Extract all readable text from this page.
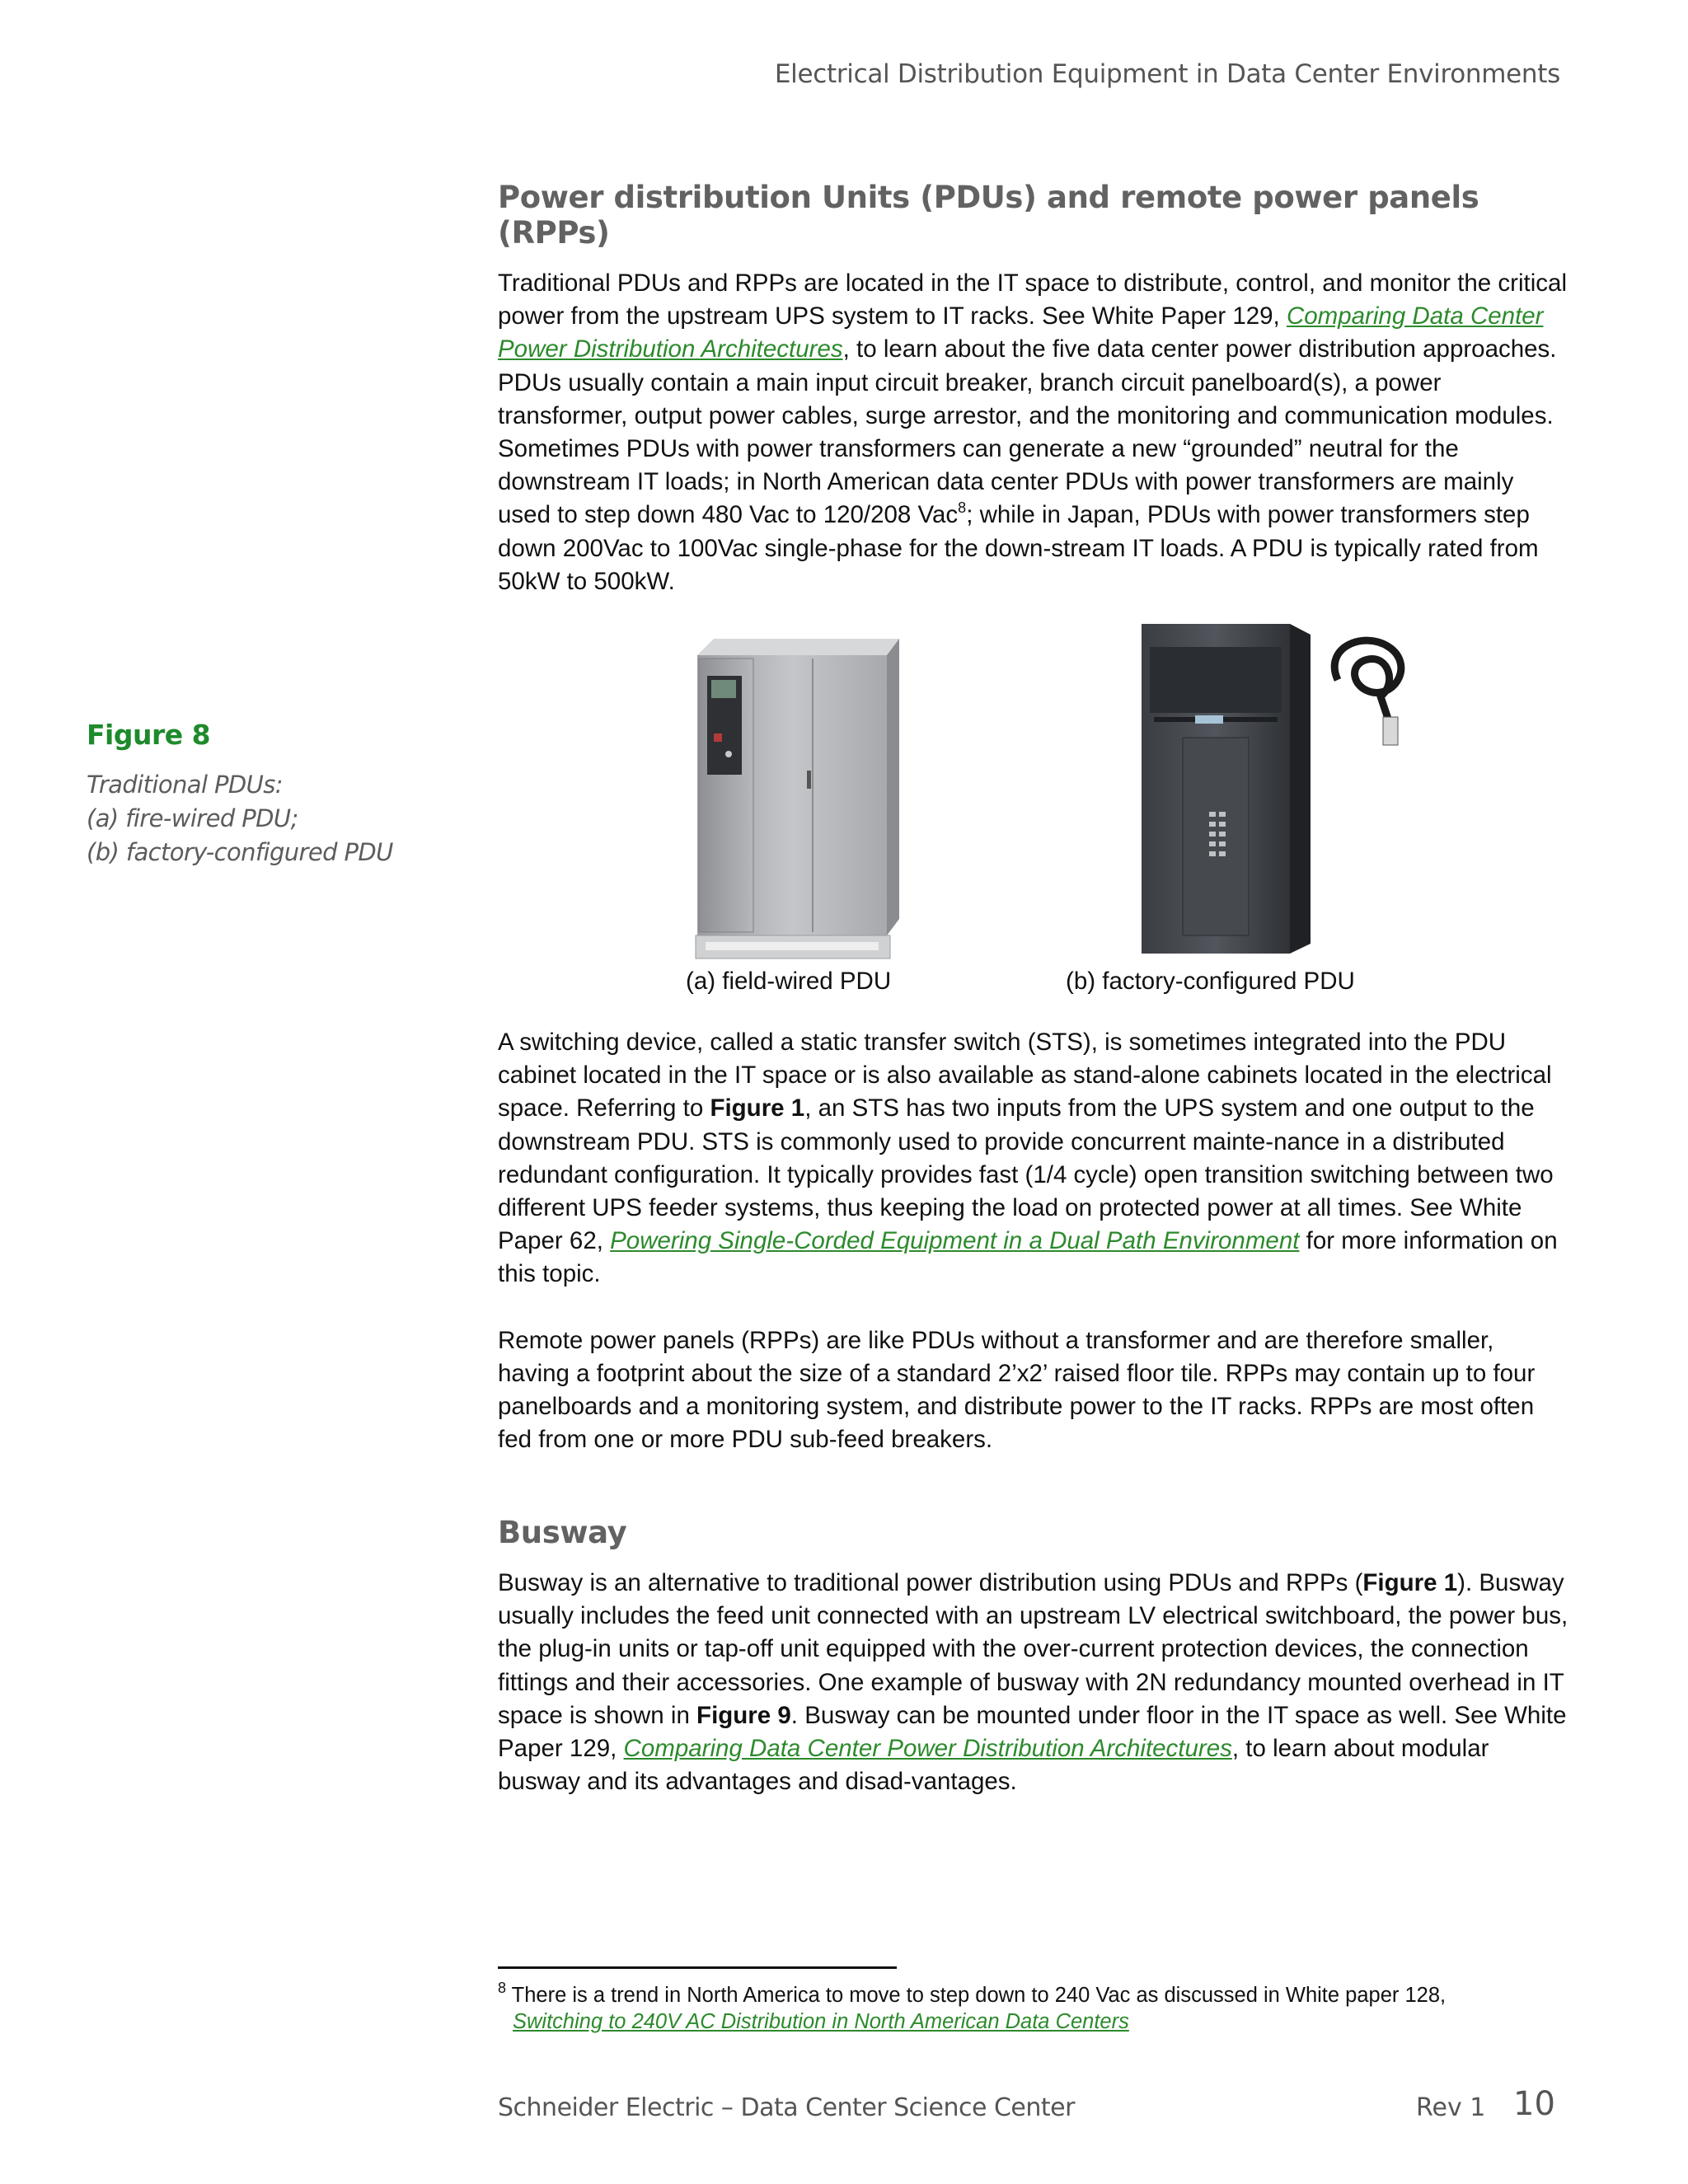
Electrical Distribution Equipment in Data Center Environments
Power distribution Units (PDUs) and remote power panels (RPPs)

Traditional PDUs and RPPs are located in the IT space to distribute, control, and monitor the critical power from the upstream UPS system to IT racks. See White Paper 129, Comparing Data Center Power Distribution Architectures, to learn about the five data center power distribution approaches. PDUs usually contain a main input circuit breaker, branch circuit panelboard(s), a power transformer, output power cables, surge arrestor, and the monitoring and communication modules. Sometimes PDUs with power transformers can generate a new “grounded” neutral for the downstream IT loads; in North American data center PDUs with power transformers are mainly used to step down 480 Vac to 120/208 Vac$^8$; while in Japan, PDUs with power transformers step down 200Vac to 100Vac single-phase for the down-stream IT loads. A PDU is typically rated from 50kW to 500kW.

Figure 8
Traditional PDUs:
(a) fire-wired PDU;
(b) factory-configured PDU
(a) field-wired PDU	(b) factory-configured PDU

A switching device, called a static transfer switch (STS), is sometimes integrated into the PDU cabinet located in the IT space or is also available as stand-alone cabinets located in the electrical space. Referring to Figure 1, an STS has two inputs from the UPS system and one output to the downstream PDU. STS is commonly used to provide concurrent mainte-nance in a distributed redundant configuration. It typically provides fast (1/4 cycle) open transition switching between two different UPS feeder systems, thus keeping the load on protected power at all times. See White Paper 62, Powering Single-Corded Equipment in a Dual Path Environment for more information on this topic.

Remote power panels (RPPs) are like PDUs without a transformer and are therefore smaller, having a footprint about the size of a standard 2’x2’ raised floor tile. RPPs may contain up to four panelboards and a monitoring system, and distribute power to the IT racks. RPPs are most often fed from one or more PDU sub-feed breakers.

Busway

Busway is an alternative to traditional power distribution using PDUs and RPPs (Figure 1). Busway usually includes the feed unit connected with an upstream LV electrical switchboard, the power bus, the plug-in units or tap-off unit equipped with the over-current protection devices, the connection fittings and their accessories. One example of busway with 2N redundancy mounted overhead in IT space is shown in Figure 9. Busway can be mounted under floor in the IT space as well. See White Paper 129, Comparing Data Center Power Distribution Architectures, to learn about modular busway and its advantages and disad-vantages.

$^8$ There is a trend in North America to move to step down to 240 Vac as discussed in White paper 128,
Switching to 240V AC Distribution in North American Data Centers
Schneider Electric – Data Center Science Center	Rev 1 10
